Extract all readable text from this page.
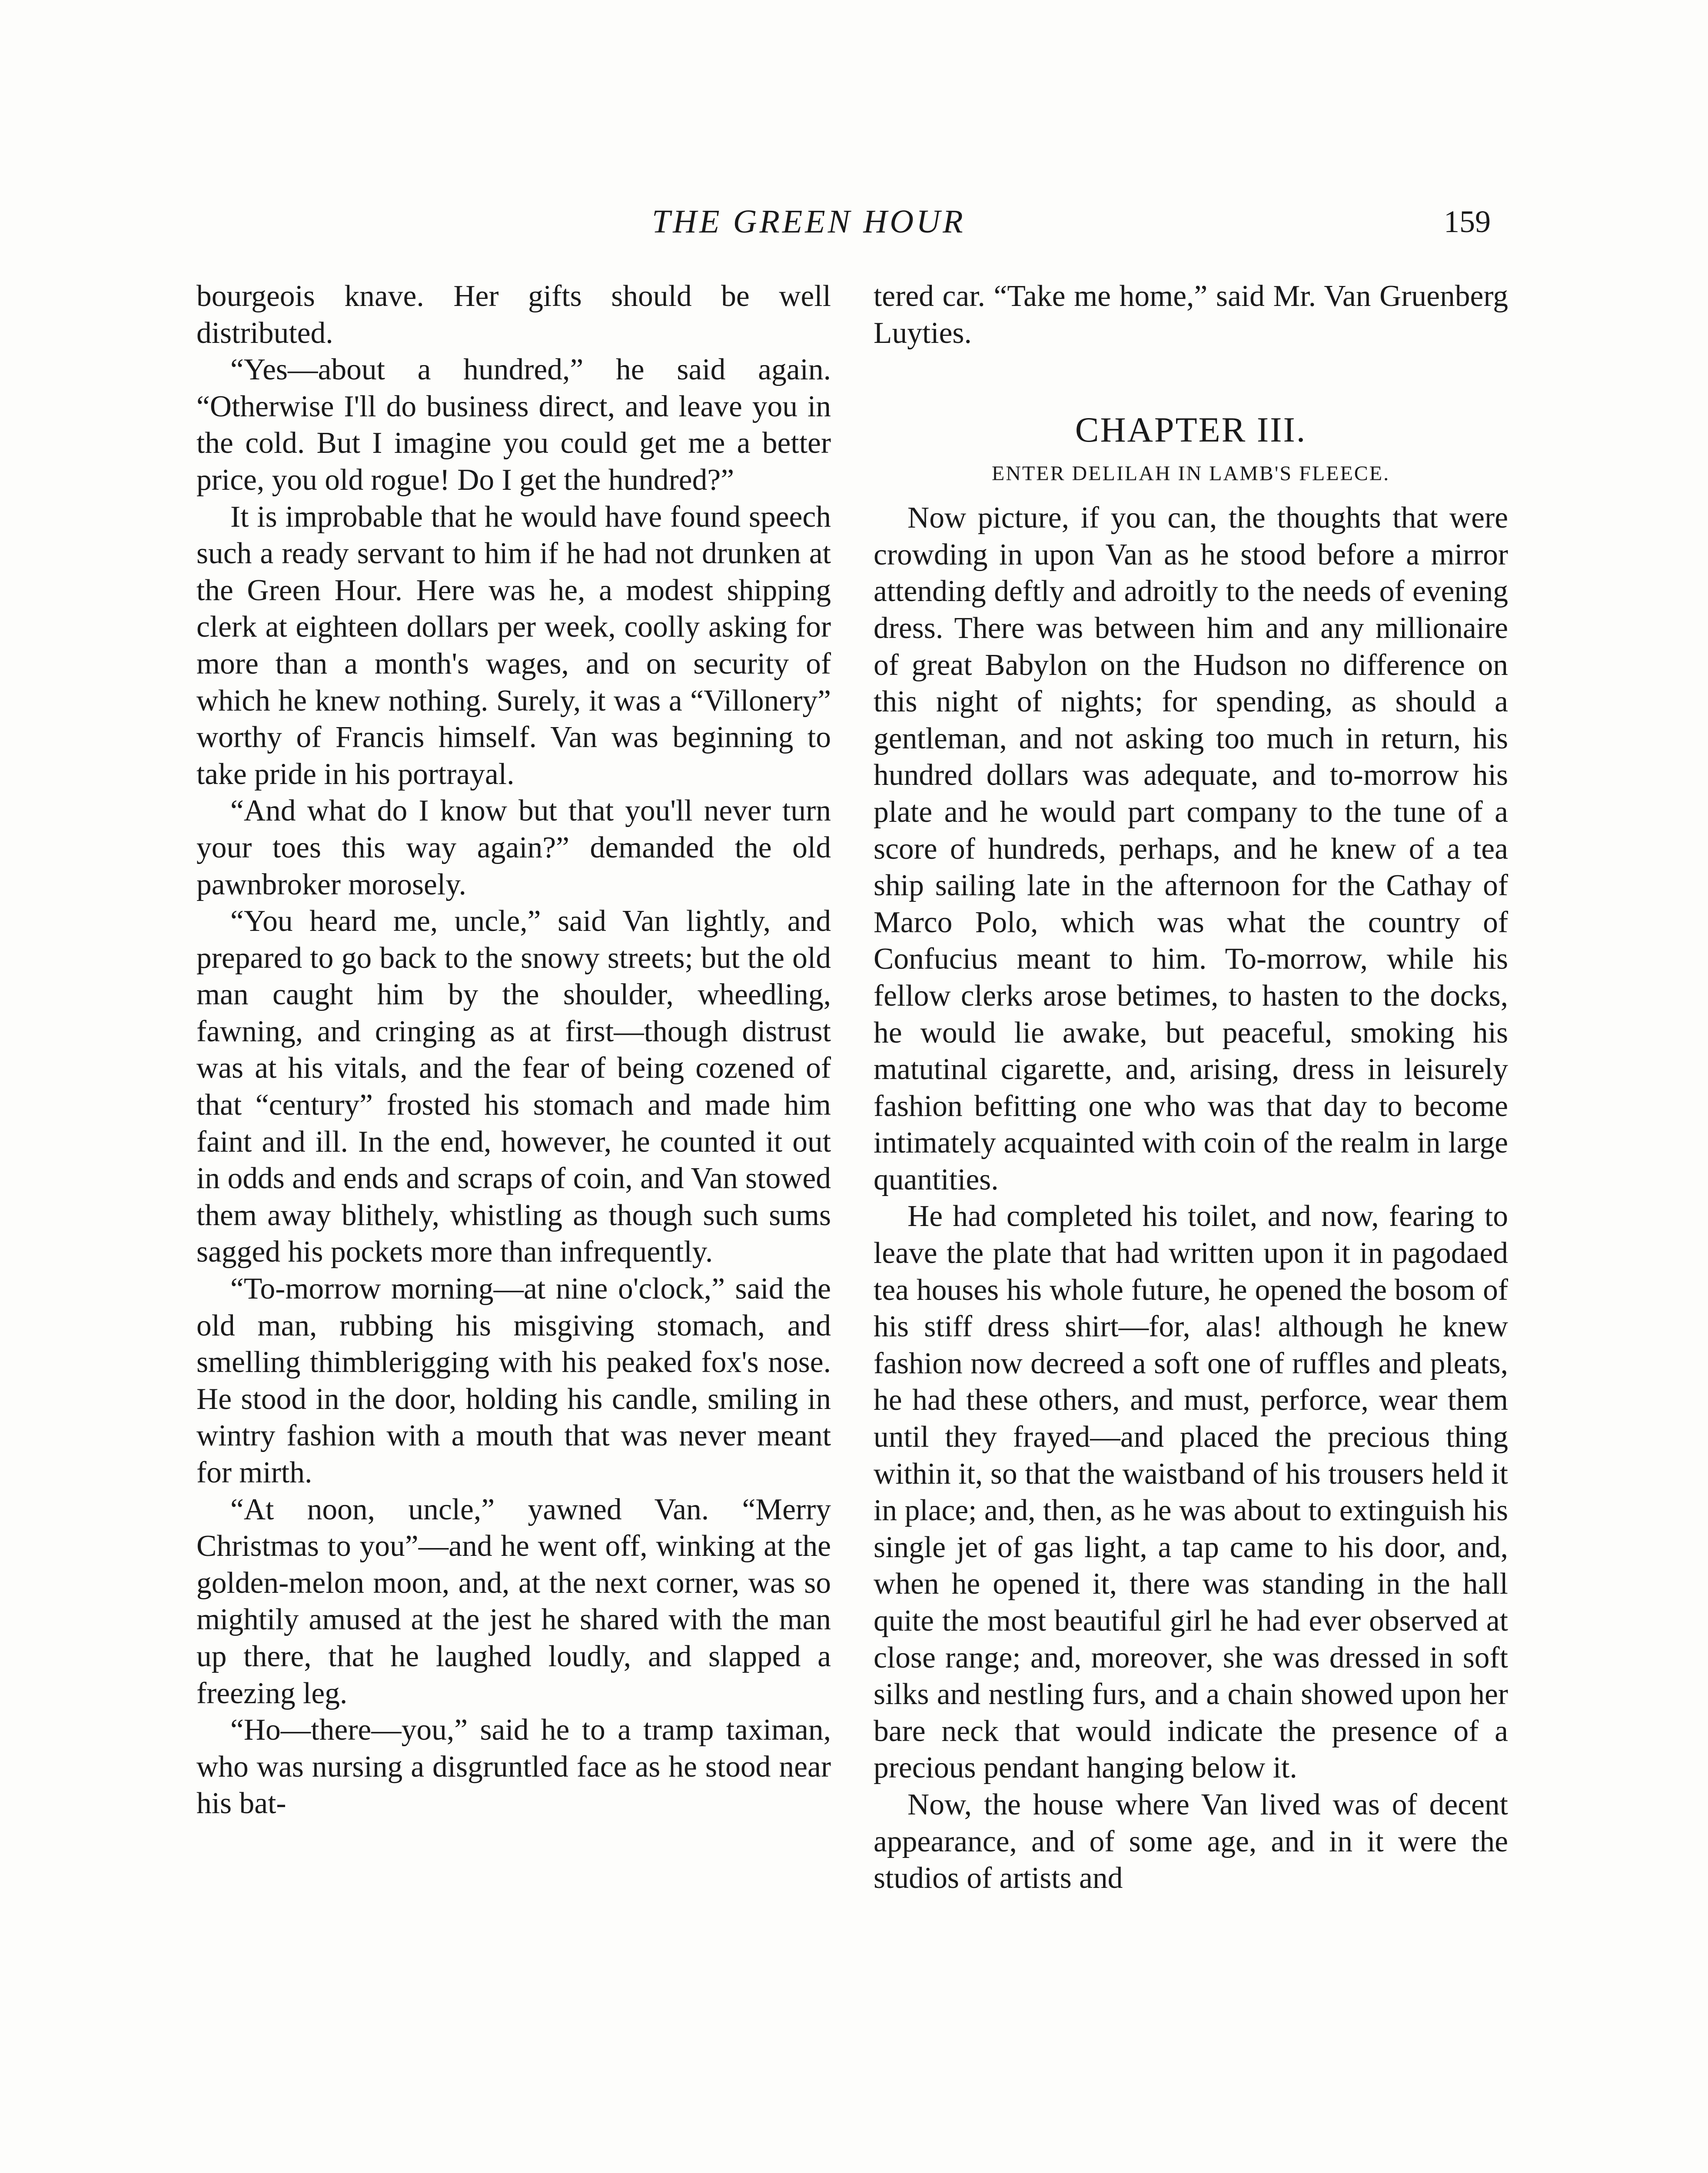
THE GREEN HOUR	159

bourgeois knave. Her gifts should be well distributed.

“Yes—about a hundred,” he said again. “Otherwise I'll do business direct, and leave you in the cold. But I imagine you could get me a better price, you old rogue! Do I get the hundred?”

It is improbable that he would have found speech such a ready servant to him if he had not drunken at the Green Hour. Here was he, a modest shipping clerk at eighteen dollars per week, coolly asking for more than a month's wages, and on security of which he knew nothing. Surely, it was a “Villonery” worthy of Francis himself. Van was beginning to take pride in his portrayal.

“And what do I know but that you'll never turn your toes this way again?” demanded the old pawnbroker morosely.

“You heard me, uncle,” said Van lightly, and prepared to go back to the snowy streets; but the old man caught him by the shoulder, wheedling, fawning, and cringing as at first—though distrust was at his vitals, and the fear of being cozened of that “century” frosted his stomach and made him faint and ill. In the end, however, he counted it out in odds and ends and scraps of coin, and Van stowed them away blithely, whistling as though such sums sagged his pockets more than infrequently.

“To-morrow morning—at nine o'clock,” said the old man, rubbing his misgiving stomach, and smelling thimblerigging with his peaked fox's nose. He stood in the door, holding his candle, smiling in wintry fashion with a mouth that was never meant for mirth.

“At noon, uncle,” yawned Van. “Merry Christmas to you”—and he went off, winking at the golden-melon moon, and, at the next corner, was so mightily amused at the jest he shared with the man up there, that he laughed loudly, and slapped a freezing leg.

“Ho—there—you,” said he to a tramp taximan, who was nursing a disgruntled face as he stood near his bat-

tered car. “Take me home,” said Mr. Van Gruenberg Luyties.

CHAPTER III.
ENTER DELILAH IN LAMB'S FLEECE.

Now picture, if you can, the thoughts that were crowding in upon Van as he stood before a mirror attending deftly and adroitly to the needs of evening dress. There was between him and any millionaire of great Babylon on the Hudson no difference on this night of nights; for spending, as should a gentleman, and not asking too much in return, his hundred dollars was adequate, and to-morrow his plate and he would part company to the tune of a score of hundreds, perhaps, and he knew of a tea ship sailing late in the afternoon for the Cathay of Marco Polo, which was what the country of Confucius meant to him. To-morrow, while his fellow clerks arose betimes, to hasten to the docks, he would lie awake, but peaceful, smoking his matutinal cigarette, and, arising, dress in leisurely fashion befitting one who was that day to become intimately acquainted with coin of the realm in large quantities.

He had completed his toilet, and now, fearing to leave the plate that had written upon it in pagodaed tea houses his whole future, he opened the bosom of his stiff dress shirt—for, alas! although he knew fashion now decreed a soft one of ruffles and pleats, he had these others, and must, perforce, wear them until they frayed—and placed the precious thing within it, so that the waistband of his trousers held it in place; and, then, as he was about to extinguish his single jet of gas light, a tap came to his door, and, when he opened it, there was standing in the hall quite the most beautiful girl he had ever observed at close range; and, moreover, she was dressed in soft silks and nestling furs, and a chain showed upon her bare neck that would indicate the presence of a precious pendant hanging below it.

Now, the house where Van lived was of decent appearance, and of some age, and in it were the studios of artists and
